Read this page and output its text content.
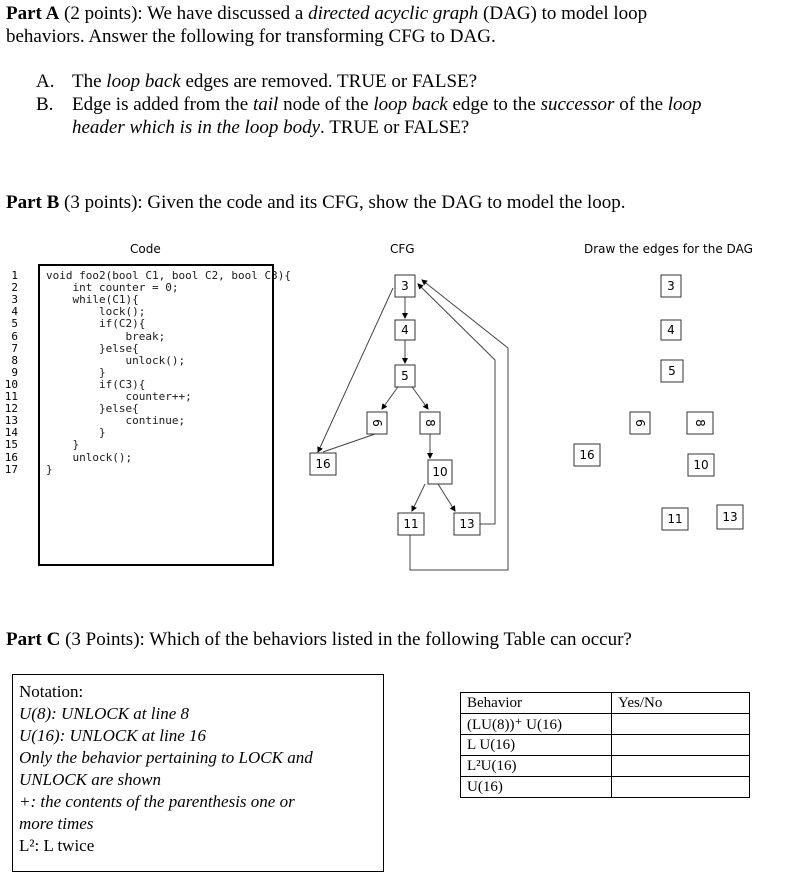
Part A (2 points): We have discussed a directed acyclic graph (DAG) to model loop
behaviors. Answer the following for transforming CFG to DAG.
A. The loop back edges are removed. TRUE or FALSE?
B. Edge is added from the tail node of the loop back edge to the successor of the loop
header which is in the loop body. TRUE or FALSE?
Part B (3 points): Given the code and its CFG, show the DAG to model the loop.
Code	CFG	Draw the edges for the DAG
1	void foo2(bool C1, bool C2, bool C3){
2	int counter = 0;
3	while(C1){
4	lock();
5	if(C2){
6	break;
7	}else{
8	unlock();
9	}
10	if(C3){
11	counter++;
12	}else{
13	continue;
14	}
15	}
16	unlock();
17	}
3
4
5
6	8
10
11	13
16
3
4
5
6	8
10
11	13
16
Part C (3 Points): Which of the behaviors listed in the following Table can occur?
Notation:
U(8): UNLOCK at line 8
U(16): UNLOCK at line 16
Only the behavior pertaining to LOCK and
UNLOCK are shown
+: the contents of the parenthesis one or
more times
L²: L twice
Behavior	Yes/No
(LU(8))⁺ U(16)	
L U(16)	
L²U(16)	
U(16)	
